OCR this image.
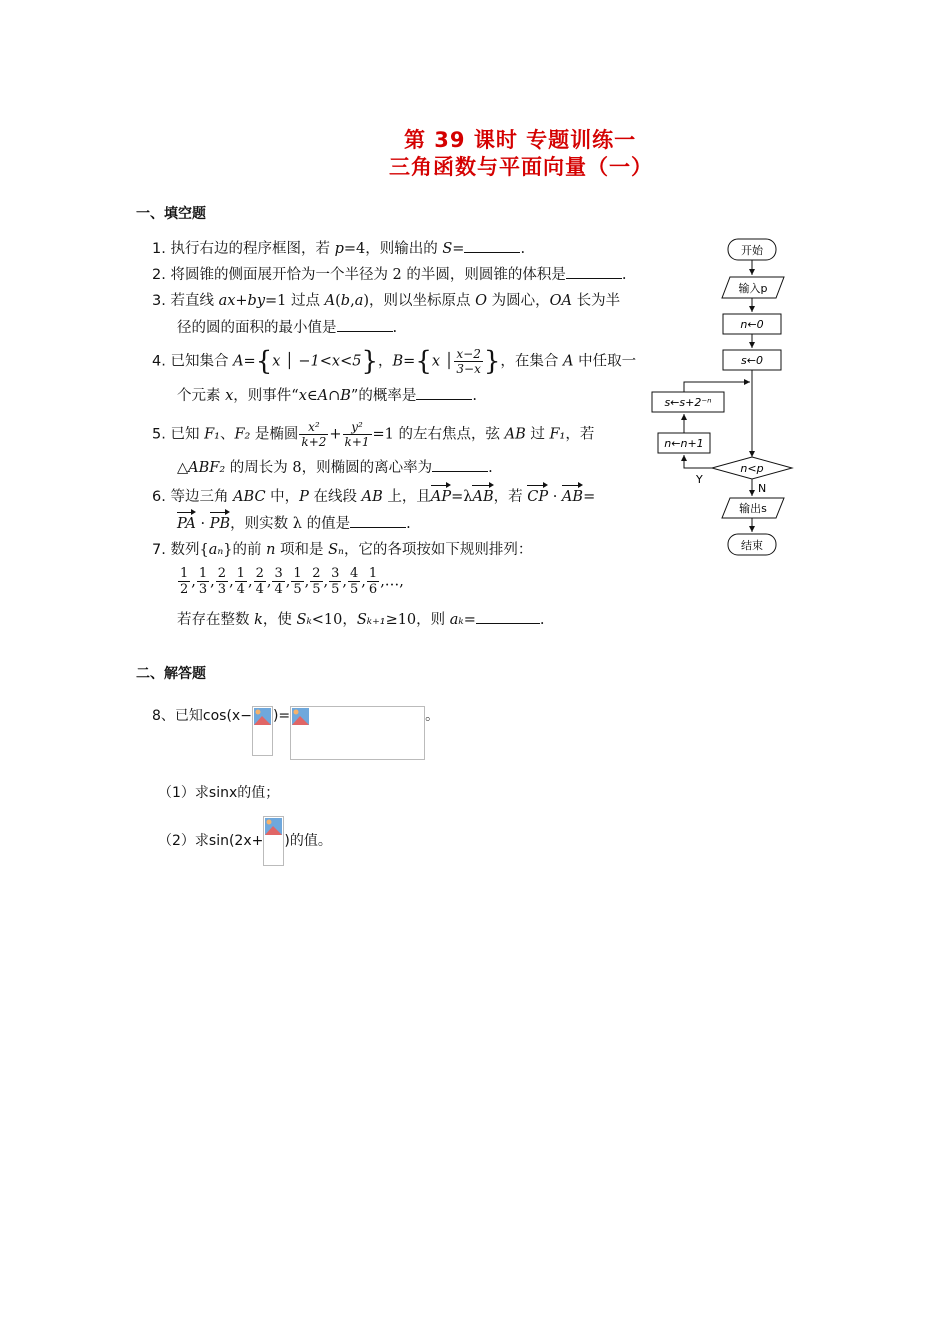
第 39 课时 专题训练一
三角函数与平面向量（一）
一、填空题
1. 执行右边的程序框图，若 p=4，则输出的 S=	.
2. 将圆锥的侧面展开恰为一个半径为 2 的半圆，则圆锥的体积是	.
3. 若直线 ax+by=1 过点 A(b,a)，则以坐标原点 O 为圆心，OA 长为半
径的圆的面积的最小值是	.
4. 已知集合 A={x │ −1<x<5}，B={x │ $\frac{x-2}{3-x}$ }，在集合 A 中任取一
个元素 x，则事件“x∈A∩B”的概率是	.
5. 已知 F₁、F₂ 是椭圆 $\frac{\text{x²}}{k+2} + \frac{\text{y²}}{k+1} =1$ 的左右焦点，弦 AB 过 F₁，若
△ABF₂ 的周长为 8，则椭圆的离心率为	.
6. 等边三角 ABC 中，P 在线段 AB 上，且AP=λAB，若 CP · AB=
PA · PB，则实数 λ 的值是	.
7. 数列{aₙ}的前 n 项和是 Sₙ，它的各项按如下规则排列：
$\frac{1}{2}$ , $\frac{1}{3}$ , $\frac{2}{3}$ , $\frac{1}{4}$ , $\frac{2}{4}$ , $\frac{3}{4}$ , $\frac{1}{5}$ , $\frac{2}{5}$ , $\frac{3}{5}$ , $\frac{4}{5}$ , $\frac{1}{6}$ ,…,
若存在整数 k，使 Sₖ<10，Sₖ₊₁≥10，则 aₖ=	.
开始
输入p
n←0
s←0
s←s+2⁻ⁿ
n←n+1
n<p
Y
N
输出s
结束
二、解答题
8、已知cos(x− )=	。
（1）求sinx的值；
（2）求sin(2x+ )的值。
